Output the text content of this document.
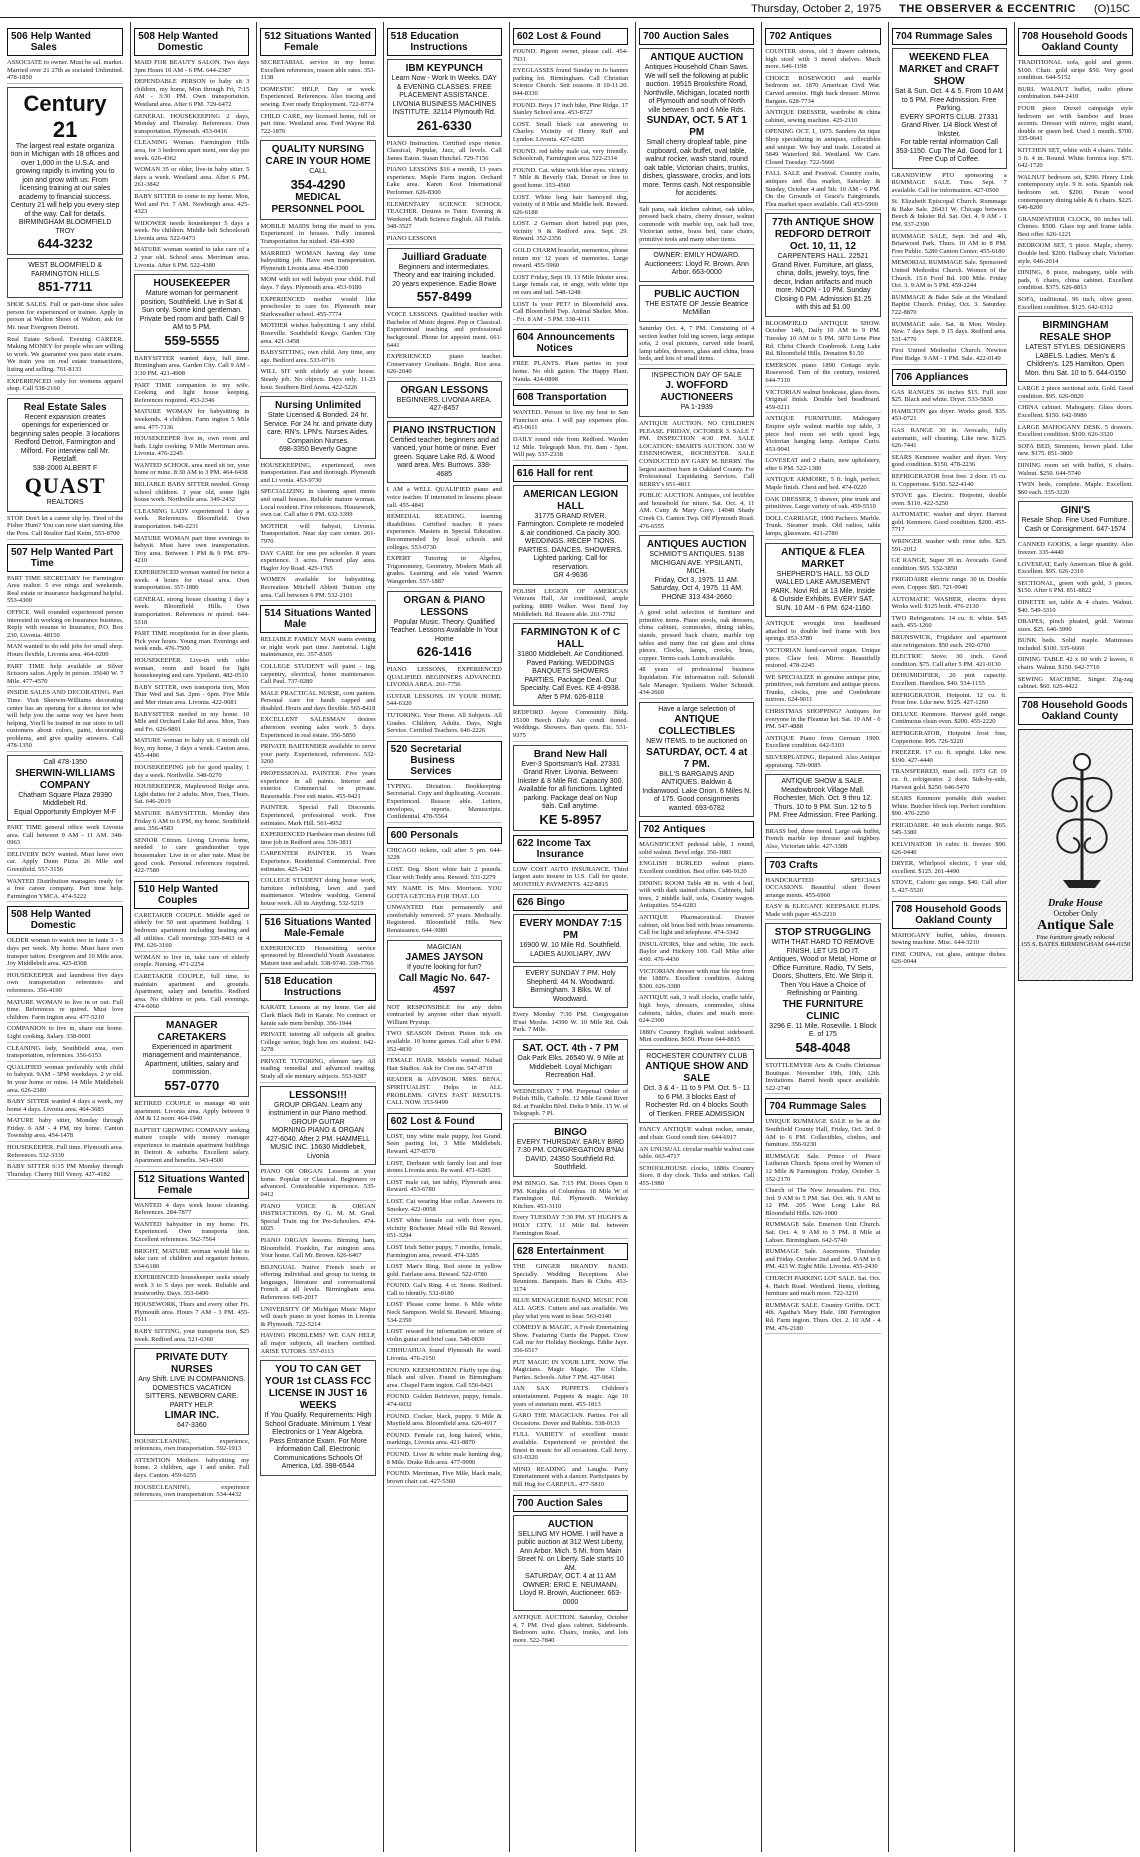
Thursday, October 2, 1975 THE OBSERVER & ECCENTRIC (O)15C
506 Help Wanted Sales
ASSOCIATE to owner. Must be sal. market. Married over 21 27th as sociated Unlimited. 478-1850
Century 21
The largest real estate organiza tion in Michigan with 18 offices and over 1,000 in the U.S.A. and growing rapidly is inviting you to join and grow with us. From licensing training at our sales academy to financial success. Century 21 will help you every step of the way. Call for details.
BIRMINGHAM BLOOMFIELD TROY
644-3232
WEST BLOOMFIELD & FARMINGTON HILLS
851-7711
SHOE SALES. Full or part-time shoe sales person for experienced or trainee. Apply in person at Walton Shoes of Walton, ask for Mr. near Evergreen Detroit.
Real Estate School. Evening CAREER. Making MONEY for people who are willing to work. We guarantee you pass state exam. We train you on real estate transactions, listing and selling. 761-8133
EXPERIENCED only for womens apparel shop. Call 538-2160
Real Estate Sales
Recent expansion creates openings for experienced or beginning sales people. 3 locations Redford Detroit, Farmington and Milford. For interview call Mr. Retzlaff.
538-2000 ALBERT F
QUAST
REALTORS
STOP. Don't let a career slip by. Tired of the Fisher Hunt? You can now start earning like the Pros. Call Realtor Earl Keim, 553-8700
507 Help Wanted Part Time
PART TIME SECRETARY for Farmington Area realtor. 5 eve nings and weekends. Real estate or insurance background helpful. 553-4300
OFFICE. Well rounded experienced person interested in working on Insurance business. Reply with resume to Insurance, P.O. Box 230, Livonia. 48150
MAN wanted to do odd jobs for small shop. Hours flexible, Livonia area. 464-0200
PART TIME help available at Silver Scissors salon. Apply in person. 35640 W. 7 Mile. 477-4570
INSIDE SALES AND DECORATING. Part Time. Visit Sherwin-Williams decorating center has an opening for a decora tor who will help you the same way we have been helping. You'll be trained in our store to tell customers about colors, paint, decorating problems, and give quality answers. Call 478-1350
Call 478-1350
SHERWIN-WILLIAMS COMPANY
Chatham Square Plaza 29390 Middlebelt Rd.
Equal Opportunity Employer M-F
PART TIME general office work Livonia area. Call between 9 AM - 11 AM. 348-0963
DELIVERY BOY wanted. Must have own car. Apply Dunn Pizza 26 Mile and Greenfield. 557-3156
WANTED Distribution managers ready for a free career company. Part time help. Farmington YMCA. 474-5222
508 Help Wanted Domestic
OLDER woman to watch two in fants 3 - 5 days per week. My home. Must have own transpor tation. Evergreen and 10 Mile area. Joy Middlebelt area. 425-8308
HOUSEKEEPER and laundress five days own transportation references and references. 356-4190
MATURE WOMAN to live in or out. Full time. References re quired. Must love children. Farm ington area. 477-5210
COMPANION to live in, share our home. Light cooking. Salary. 338-0001
CLEANING lady, Southfield area, own transportation, references. 356-6153
QUALIFIED woman preferably with child to babysit. 9AM - 3PM weekdays. 2 yr old. In your home or mine. 14 Mile Middlebelt area. 626-2380
BABY SITTER wanted 4 days a week, my home 4 days. Livonia area. 464-3683
MATURE baby sitter, Monday through Friday. 6 AM - 4 PM, my home. Canton Township area. 454-1478
HOUSEKEEPER. Full time. Plymouth area. References. 532-3339
BABY SITTER 6:15 PM Monday through Thursday. Cherry Hill Venoy. 427-4182
508 Help Wanted Domestic
MAID FOR BEAUTY SALON. Two days 3pm Hours 10 AM - 6 PM. 644-2387
DEPENDABLE PERSON to baby sit 3 children, my home, Mon through Fri, 7:15 AM - 3:30 PM. Own transportation. Westland area. After 6 PM. 729-6472
GENERAL HOUSEKEEPING 2 days, Monday and Thursday. References. Own transportation. Plymouth. 453-0416
CLEANING Woman. Farmington Hills area, for 3 bedroom apart ment, one day per week. 626-4362
WOMAN 35 or older, live-in baby sitter. 5 days a week. Westland area. After 6 PM. 261-3842
BABY SITTER to come to my home. Mon, Wed and Fri. 7 AM. Newburgh area. 425-4323
WIDOWER needs housekeeper 5 days a week. No children. Middle belt Schoolcraft Livonia area. 522-9473
MATURE woman wanted to take care of a 2 year old. School area. Merriman area. Livonia. After 6 PM. 522-4380
HOUSEKEEPER
Mature woman for permanent position, Southfield. Live in Sat & Sun only. Some kind gentleman. Private bed room and bath. Call 9 AM to 5 PM.
559-5555
BABYSITTER wanted days, full time. Birmingham area. Garden City. Call 9 AM - 3:30 PM. 421-4908
PART TIME companion to my wife. Cooking and light house keeping. References required. 453-2346
MATURE WOMAN for babysitting in weekends. 4 children. Farm ington 5 Mile area. 477-7136
HOUSEKEEPER live in, own room and bath. Light cooking. 9 Mile Merriman area. Livonia. 476-2245
WANTED SCHOOL area need sit ter, your home or mine. 8:30 AM to 3 PM. 464-6438
RELIABLE BABY SITTER needed. Group school children. 1 year old, some light house work. Northville area. 349-2432
CLEANING LADY experienced 1 day a week. References. Bloomfield. Own transportation. 646-2231
MATURE WOMAN part time evenings to babysit. Must have own transportation. Troy area. Between 1 PM & 9 PM. 879-4210
EXPERIENCED woman wanted for twice a week. 4 hours for visual area. Own transportation. 357-1880
GENERAL strong house cleaning 1 day a week. Bloomfield Hills. Own transportation. References re quired. 644-5318
PART TIME receptionist for in door plants. Pick your hours. Young man. Evenings and week ends. 476-7500
HOUSEKEEPER. Live-in with older woman, room and board for light housekeeping and care. Ypsilanti. 482-0510
BABY SITTER, own transporta tion, Mon Thur Wed and Sat. 2pm - 6pm. Five Mile and Mer riman area. Livonia. 422-9081
BABYSITTER needed in my home. 10 Mile and Orchard Lake Rd area. Mon, Tues and Fri. 626-9891
MATURE woman to baby sit. 6 month old boy, my home, 3 days a week. Canton area. 455-4486
HOUSEKEEPING job for good quality, 1 day a week. Northville. 348-0270
HOUSEKEEPER, Maplewood Ridge area. Light duties for 2 adults. Mon, Tues, Thurs. Sat. 646-2019
MATURE BABYSITTER. Monday thru Friday 6 AM to 6 PM, my home. Southfield area. 356-4583
SENIOR Citizen. Living Livonia home, needed to care grandmother type housemaker. Live in or alter nate. Must be good cook. Personal references required. 422-7580
510 Help Wanted Couples
CARETAKER COUPLE. Middle aged or elderly for 50 unit apartment building. 1 bedroom apartment including heating and all utilities. Call mornings 335-8463 or 4 PM. 626-3160
WOMAN to live in, take care of elderly couple. Nursing. 471-2254
CARETAKER COUPLE, full time, to maintain apartment and grounds. Apartment, salary and benefits. Redford area. No children or pets. Call evenings. 474-6060
MANAGER CARETAKERS
Experienced in apartment management and maintenance. Apartment, utilities, salary and commission.
557-0770
RETIRED COUPLE to manage 48 unit apartment. Livonia area. Apply between 9 AM & 12 noon. 464-1940
BAPTIST GROWING COMPANY seeking mature couple with money manager experience to maintain apartment buildings in Detroit & suburbs. Excellent salary. Apartment and benefits. 343-4500
512 Situations Wanted Female
WANTED 4 days week house cleaning. References. 284-7877
WANTED babysitter in my home. Fri. Experienced. Own transporta tion. Excellent references. 562-7564
BRIGHT, MATURE woman would like to take care of children and organize homes. 534-6180
EXPERIENCED housekeeper seeks steady work 3 to 5 days per week. Reliable and trustworthy. Days. 353-6490
HOUSEWORK, Thurs and every other Fri. Plymouth area. Hours 7 AM - 3 PM. 455-0311
BABY SITTING, your transporta tion, $25 week. Redford area. 521-6360
PRIVATE DUTY NURSES
Any Shift. LIVE IN COMPANIONS. DOMESTICS VACATION SITTERS. NEWBORN CARE. PARTY HELP.
LIMAR INC.
647-3360
HOUSECLEANING, experience, references, own transportation. 592-1913
ATTENTION Mothers. babysitting my home. 2 children, age 1 and under. Full days. Canton. 459-6255
HOUSECLEANING, experience references, own transportation. 534-4432
512 Situations Wanted Female
SECRETARIAL service in my home. Excellent references, reason able rates. 353-1138
DOMESTIC HELP. Day or week. Experienced. References. Also tracing and sewing. Ever ready Employment. 722-8774
CHILD CARE, my licensed home, full or part time. Westland area. Ford Wayne Rd. 722-1876
QUALITY NURSING CARE IN YOUR HOME
CALL
354-4290
MEDICAL PERSONNEL POOL
MOBILE MAIDS bring the maid to you. Experienced in houses. Fully insured. Transportation fur nished. 458-4300
MARRIED WOMAN having day time babysitting job. Have own transportation. Plymouth Livonia area. 464-3390
MOM with tot will babysit your child. Full days. 7 days. Plymouth area. 453-9180
EXPERIENCED mother would like preschooler to care for. Plymouth near Starkweather school. 455-7774
MOTHER wishes babysitting 1 any child. Roseville. Southfield Keego. Garden City area. 421-3458
BABYSITTING, own child. Any time, any age. Bedford area. 533-0716
WILL SIT with elderly at your house. Steady job. No objects. Days only. 11-23 hour. Southern Bird Arena. 422-5226
Nursing Unlimited
State Licensed & Bonded. 24 hr. Service. For 24 hr. and private duty care. RN's. LPN's. Nurses Aides. Companion Nurses.
698-3350 Beverly Gagne
HOUSEKEEPING, experienced, own transportation. Fast and thorough. Plymouth and Li vonia. 453-9730
SPECIALIZING in cleaning apart ments and small houses. Reliable mature woman. Local resident. Five references. Housework, own car. Call after 6 PM. 632-3399
MOTHER will babysit, Livonia. Transportation. Near day care center. 261-7970
DAY CARE for one pre schooler. 8 years experience. 3 acres. Fenced play area. Haglor Joy Road. 425-1765
WOMEN available for babysitting. Recreation Mitchell Abbott Tuition city area. Call between 6 PM. 532-2101
514 Situations Wanted Male
RELIABLE FAMILY MAN wants evening or night work part time. Janitorial. Light maintenance, etc. 357-8305
COLLEGE STUDENT will paint - ing, carpentry, electrical, home maintenance. Call Paul. 737-0280
MALE PRACTICAL NURSE, com panion. Personal care for handi capped and disabled. Hours and days flexible. 565-8418
EXCELLENT SALESMAN desires afternoon evening sales work 5 days. Experienced in real estate. 356-5850
PRIVATE BARTENDER available to serve your party. Experienced, references. 532-3260
PROFESSIONAL PAINTER. Five years experience in all paints. Interior and exterior. Commercial or private. Reasonable. Free esti mates. 455-9421
PAINTER. Special Fall Discounts. Experienced, professional work. Free estimates. Mark Hill. 561-4952
EXPERIENCED Hardware man desires full time job in Redford area. 536-3811
CARPENTER PAINTER. 15 Years Experience. Residential Commercial. Free estimates. 425-3421
COLLEGE STUDENT doing house work, furniture refinishing, lawn and yard maintenance. Window washing. General house work. All its Anything. 532-5219
516 Situations Wanted Male-Female
EXPERIENCED Housesitting service sponsored by Bloomfield Youth Assistance. Mature teen and adult. 338-9740. 338-7766
518 Education Instructions
KARATE Lessons at my home. Ger ald Clark Black Belt in Karate. No contract or karate sale mem bership. 356-1944
PRIVATE tutoring all subjects all grades. College senior, high hon ors student. 642-3278
PRIVATE TUTORING, elemen tary. All reading remedial and advanced reading. Study all ele mentary subjects. 553-9287
LESSONS!!!
GROUP ORGAN. Learn any instrument in our Piano method.
GROUP GUITAR
MORNING PIANO & ORGAN
427-6040. After 2 PM. HAMMELL MUSIC INC. 15630 Middlebelt, Livonia
PIANO OR ORGAN. Lessons at your home. Popular or Classical. Beginners or advanced. Considerable experience. 535-0412
PIANO VOICE & ORGAN INSTRUCTIONS. By G. M. M. Grad. Special Train ing for Pre-Schoolers. 474-6025
PIANO ORGAN lessons. Birming ham, Bloomfield. Franklin, Far mington area. Your home. Call Mr. Brown. 626-6467
BILINGUAL Native French teach er offering individual and group tu toring in languages, literature and conversational French at all levels. Birmingham area. References. 645-2017
UNIVERSITY OF Michigan Music Major will teach piano in your homes in Livonia & Plymouth. 722-5214
HAVING PROBLEMS? WE CAN HELP, all major subjects, all teachers certified. ARISE TUTORS. 557-0113
YOU TO CAN GET YOUR 1st CLASS FCC LICENSE IN JUST 16 WEEKS
If You Qualify. Requirements: High School Graduate. Minimum 1 Year Electronics or 1 Year Algebra. Pass Entrance Exam. For More Information Call. Electronic Communications Schools Of America, Ltd. 398-6544
518 Education Instructions
IBM KEYPUNCH
Learn Now - Work In Weeks. DAY & EVENING CLASSES. FREE PLACEMENT ASSISTANCE. LIVONIA BUSINESS MACHINES INSTITUTE. 32114 Plymouth Rd.
261-6330
PIANO Instruction. Certified expe rience. Classical, Popular, Jazz, all levels. Call James Eaton. Susan Hutchel. 729-7156
PIANO LESSONS $16 a month, 13 years experience. Maple Farm ington. Orchard Lake area. Karen Kost International Performer. 626-8300
ELEMENTARY SCIENCE SCHOOL TEACHER. Desires to Tutor. Evening & Weekend. Math Science English. All Fields. 348-3527
PIANO LESSONS
Juilliard Graduate
Beginners and intermediates. Theory and ear training included. 20 years experience. Eadie Bowe
557-8499
VOICE LESSONS. Qualified teacher with Bachelor of Music degree. Pop or Classical. Experienced teaching and professional background. Phone for appoint ment. 661-6441
EXPERIENCED piano teacher. Conservatory Graduate. Bright. Rice area. 626-2040
ORGAN LESSONS
BEGINNERS. LIVONIA AREA. 427-8457
PIANO INSTRUCTION
Certified teacher, beginners and ad vanced, your home or mine. Ever green. Square Lake Rd. & Wood ward area. Mrs. Burrows. 338-4685
I AM a WELL QUALIFIED piano and voice teacher. If interested in lessons please call. 455-4841
REMEDIAL READING. learning disabilities. Certified teacher. 8 years experience. Masters in Special Education. Recommended by local schools and colleges. 553-0730
EXPERT Tutoring in Algebra, Trigonometry, Geometry, Modern Math all grades. Learning and ele vated Warren Wangerden. 557-1887
ORGAN & PIANO LESSONS
Popular Music. Theory. Qualified Teacher. Lessons Available In Your Home
626-1416
PIANO LESSONS, EXPERIENCED QUALIFIED. BEGINNERS ADVANCED. LIVONIA AREA. 261-7756
GUITAR LESSONS. IN YOUR HOME. 544-6320
TUTORING. Your Home. All Subjects. All Grades. Children, Adults. Days, Night Service. Certified Teachers. 646-2226
520 Secretarial Business Services
TYPING. Dictation. Bookkeeping. Secretarial. Copy and duplicating. Accurate. Experienced. Reason able. Letters, envelopes, reports. Manuscripts. Confidential. 478-5564
600 Personals
CHICAGO tickets, call after 5 pm. 644-3228
LOST. Dog. Short white hair 2 pounds. Clear with Teddy area. Reward. 531-2279
MY NAME IS Mrs. Morrison. YOU GOTTA GETCHA FOR THAT. LO
UNWANTED Hair permanently and comfortably removed. 37 years. Medically. Registered. Bloomfield Hills. New Renaissance. 644-3080
MAGICIAN
JAMES JAYSON
If you're looking for fun?
Call Magic No. 647-4597
NOT RESPONSIBLE for any debts contracted by anyone other than myself. William Prystup.
TWO SEASON Detroit Piston tick ets available. 10 home games. Call after 6 PM. 352-4830
FEMALE HAIR. Models wanted. Nubad Hair Studios. Ask for Con nie. 547-8719
READER & ADVISOR. MRS. BENA. SPIRITUALIST. Helps in ALL PROBLEMS. GIVES FAST RESULTS. CALL NOW. 353-9499
602 Lost & Found
LOST, tiny white male puppy, lost Grand. Seen parting lot, 3 Mile Middlebelt. Reward. 427-8578
LOST, Derbutnt with family lost and four stones Livonia area. Re ward. 471-6285
LOST male cat, tan tabby, Plymouth area. Reward. 453-6780
LOST. Cat wearing blue collar. Answers to Smokey. 422-0058
LOST white female cat with fiver eyes, vicinity Rochester Mead ville Rd Reward. 651-3294
LOST Irish Setter puppy, 7 months, female, Farmington area, reward. 474-3285
LOST Man's Ring. Red stone in yellow gold. Fairlane area. Reward. 522-0780
FOUND. Gal's Ring. 4 ct. Stone. Redford. Call to identify. 532-8180
LOST Please come home. 6 Mile white Neck Sampson. Weild St. Reward. Missing. 534-2350
LOST reward for information or return of violin guitar and brief case. 548-0830
CHIHUAHUA found Plymouth Re ward. Livonia. 476-2150
FOUND. KEESHONDEN. Fluffy type dog. Black and silver. Found in Birmingham area. Chapel Farm ington. Call 556-0421
FOUND. Golden Retriever, puppy, female. 474-6032
FOUND. Cocker, black, puppy. 9 Mile & Mayfield area. Bloomfield area. 626-4917
FOUND. Female cat, long haired, white, markings, Livonia area. 421-8870
FOUND. Liver & white male hunting dog, 8 Mile. Drake Rds area. 477-9990
FOUND. Merriman, Five Mile, black male, brown chair cat. 427-5360
602 Lost & Found
FOUND. Pigeon owner, please call. 454-7931
EYEGLASSES found Sunday in Jo hannes parking lot. Birmingham. Call Christian Science Church. Sett reasons. 8 10-11:20. 844-8330
FOUND. Boys 17 inch bike, Pine Ridge. 17 Stanley School area. 453-8727
LOST. Small black cat answering to Charley. Vicinity of Henry Ruff and Lyndon. Livonia. 427-6285
FOUND. red tabby male cat, very friendly. Schoolcraft, Farmington area. 522-2314
FOUND. Cat. white with blue eyes. vicinity 7 Mile & Beverly Oak. Dorset or free to good home. 353-4560
LOST. White long hair Samoyed dog, vicinity of 8 Mile and Middle belt. Reward. 626-6188
LOST. 2 German short haired pup pies, vicinity 9 & Redford area. Sept. 29. Reward. 352-2356
GOLD CHARM bracelet, mementos, please return my 12 years of memories. Large reward. 455-5960
LOST Friday, Sept 19. 13 Mile Inkster area. Large female cat, or angy, with white tips on ears and tail. 548-1248
LOST Is your PET? in Bloomfield area. Call Bloomfield Twp. Animal Shelter. Mon. - Fri. 8 AM - 5 PM. 338-4111
604 Announcements Notices
FREE PLANTS. Plant parties in your home. No obli gation. The Happy Plant. Nanda. 424-0898
608 Transportation
WANTED. Person to live my host to San Francisco area. I will pay expenses plus. 453-0611
DAILY round ride from Redford. Warden 12 Mile. Telegraph Mon. Fri. 8am - 5pm. Will pay. 537-2338
616 Hall for rent
AMERICAN LEGION HALL
31775 GRAND RIVER. Farmington. Complete re modeled & air conditioned. Ca pacity 300. WEDDINGS. RECEP TIONS. PARTIES. DANCES. SHOWERS. Lighted parking. Call for reservation.
GR 4-9636
POLISH LEGION OF AMERICAN Veterans Hall, Air conditioned, ample parking. 8880 Walker. West Bend Joy Middlebelt. Rd. Reason able. 261-7782
FARMINGTON K of C HALL
31800 Middlebelt. Air Conditioned. Paved Parking. WEDDINGS BANQUETS SHOWERS PARTIES. Package Deal. Our Specialty. Call Eves. KE 4-8938. After 5 PM. 626-8118
REDFORD Jaycee Community Bldg. 15100 Beech Daly. Air condi tioned. Weddings. Showers. Ban quets. Etc. 531-9375
Brand New Hall
Ever-3 Sportsman's Hall. 27331 Grand River. Livonia. Between Inkster & 8 Mile Rd. Capacity 300. Available for all functions. Lighted parking. Package deal on Nup tials. Call anytime.
KE 5-8957
622 Income Tax Insurance
LOW COST AUTO INSURANCE. Third largest auto insurer in U.S. Call for quote. MONTHLY PAYMENTS. 422-8815
626 Bingo
EVERY MONDAY 7:15 PM
16900 W. 10 Mile Rd. Southfield. LADIES AUXILIARY, JWV
EVERY SUNDAY 7 PM. Holy Shepherd. 44 N. Woodward. Birmingham. 3 Blks. W. of Woodward.
Every Monday 7:30 PM. Congregation B'nai Moshe. 14390 W. 10 Mile Rd. Oak Park. 7 Mile.
SAT. OCT. 4th - 7 PM
Oak Park Elks. 26540 W. 9 Mile at Middlebelt. Loyal Michigan Recreation Hall.
WEDNESDAY 7 PM. Perpetual Order of Polish Hills, Catholic. 12 Mile Grand River Rd. at Franklin Blvd. Delta 9 Mile. 15 W. of Telegraph. 7 Pl.
BINGO
EVERY THURSDAY. EARLY BIRD 7:30 PM. CONGREGATION B'NAI DAVID. 24350 Southfield Rd. Southfield.
PM BINGO. Sat. 7:15 PM. Doors Open 6 PM. Knights of Columbus. 18 Mile W of Farmington Rd. Plymouth. Workday Kitchen. 453-3110
Every TUESDAY 7:30 PM. ST HUGH'S & HOLY CITY. 11 Mile Rd. between Farmington Road.
628 Entertainment
THE GINGER BRANDY BAND. Specially. Wedding Receptions Also Reunions. Banquets. Bars & Clubs. 453-3174
BLUE MENAGERIE BAND. MUSIC FOR ALL AGES. Cutters and sax available. We play what you want to hear. 563-0140
COMEDY & MAGIC. A Fresh Entertaining Show. Featuring Curtis the Puppet. Crow Call me for Holiday Bookings. Eddie Jaye. 356-6517
PUT MAGIC IN YOUR LIFE. NOW. The Magicians. Magic Magic. The Clubs. Parties. Schools. After 7 PM. 427-9641
JAN SAX PUPPETS. Children's entertainment. Puppets & magic. Age 10 years of entertain ment. 455-1813
GARO THE MAGICIAN. Parties. For all Occasions. Dover and Rabbits. 538-0133
FULL VARIETY of excellent music available. Experienced or provided the finest in music for all occasions. Call Jerry. 631-0320
MIND READING and Laughs. Party Entertainment with a dancer. Participates by Bill Hug for CAREFUL. 477-5810
700 Auction Sales
AUCTION
SELLING MY HOME. I will have a public auction at 312 West Liberty, Ann Arbor. Mich. 5 Mi. from Main Street N. on Liberty. Sale starts 10 AM.
SATURDAY, OCT. 4 at 11 AM
OWNER: ERIC E. NEUMANN. Lloyd R. Brown, Auctioneer. 663-0000
ANTIQUE AUCTION. Saturday, October 4, 7 PM. Oval glass cabinet. Sideboards. Bedroom suite. Chairs, trunks, and lots more. 522-7840
700 Auction Sales
ANTIQUE AUCTION
Antiques Household Chain Saws. We will sell the following at public auction. 19515 Brookshire Road, Northville, Michigan, located north of Plymouth and south of North ville between 5 and 6 Mile Rds.
SUNDAY, OCT. 5 AT 1 PM
Small cherry dropleaf table, pine cupboard, oak buffet, oval table, walnut rocker, wash stand, round oak table, Victorian chairs, trunks, dishes, glassware, crocks, and lots more. Terms cash. Not responsible for accidents.
Salt pans, oak kitchen cabinet, oak tables, pressed back chairs, cherry dresser, walnut commode with marble top, oak hall tree, Victorian settee, brass bed, cane chairs, primitive tools and many other items.
OWNER: EMILY HOWARD. Auctioneers: Lloyd R. Brown, Ann Arbor. 663-0000
PUBLIC AUCTION
THE ESTATE OF Jessie Beatrice McMillan
Saturday Oct. 4, 7 PM. Consisting of 4 section leather fold ing screen, large antique sofa, 2 oval pictures, carved side board, lamp tables, dressers, glass and china, brass beds, and lots of small items.
INSPECTION DAY OF SALE
J. WOFFORD AUCTIONEERS
PA 1-1939
ANTIQUE AUCTION. NO CHILDREN PLEASE. FRIDAY, OCTOBER 3. SALE 7 PM. INSPECTION 4:30 PM. SALE LOCATION: SMARTS AUCTION. 330 W EISENHOWER, ROCHESTER. SALE CONDUCTED BY GARY M. BERRY. The largest auction barn in Oakland County. For Professional Liquidating Services. Call BERRY's 651-4811
PUBLIC AUCTION. Antiques, col lectibles and household fur niture. Sat. Oct. 4, 11 AM. Cutty & Mary Grey. 14048 Shady Creek Ct. Canton Twp. Off Plymouth Road. 476-6555
ANTIQUES AUCTION
SCHMIDT'S ANTIQUES. 5138 MICHIGAN AVE. YPSILANTI, MICH.
Friday, Oct 3, 1975. 11 AM. Saturday, Oct 4, 1975. 11 AM.
PHONE 313 434-2660
A good solid selection of furniture and primitive items. Piano stools, oak dressers, china cabinet, commodes, dining tables, stands, pressed back chairs, marble top tables and many fine cut glass and china pieces. Clocks, lamps, crocks, brass, copper. Terms cash. Lunch available.
48 years of professional business liquidation. For information call. Schmidt Sale Manager. Ypsilanti. Walter Schmidt. 434-2660
Have a large selection of
ANTIQUE COLLECTIBLES
NEW ITEMS. to be auctioned on
SATURDAY, OCT. 4 at 7 PM.
BILL'S BARGAINS AND ANTIQUES. Baldwin & Indianwood. Lake Orion. 6 Miles N. of 175. Good consignments wanted. 693-6782
702 Antiques
MAGNIFICENT pedestal table, 1 round, solid walnut. Bevel edge. 356-1881
ENGLISH BURLED walnut piano. Excellent condition. Best offer. 646-9120
DINING ROOM Table 48 in. with 4 leaf, with with dark stained chairs. Cabinets, hall trees, 2 middle half, sofa, Country wagon. Antiquities. 554-6283
ANTIQUE Pharmaceutical. Drawer cabinet, old brass bed with brass ornaments. Call for light and telephone. 474-3342
INSULATORS, blue and white, 10c each. Baylor and Hickory 100. Call Mike after 4:00. 476-4430
VICTORIAN dresser with mar ble top from the 1880's. Excellent condition. Asking $300. 626-3380
ANTIQUE oak, 3 wall clocks, cradle table, high boys, dressers, commodes, china cabinets, tables, chairs and much more. 624-2300
1880's Country English walnut sideboard. Mint condition. $650. Phone 644-8815
ROCHESTER COUNTRY CLUB
ANTIQUE SHOW AND SALE
Oct. 3 & 4 - 11 to 9 PM. Oct. 5 - 11 to 6 PM. 3 blocks East of Rochester Rd. on 4 blocks South of Tienken. FREE ADMISSION
FANCY ANTIQUE walnut rocker, ornate, and chair. Good condi tion. 644-6917
AN UNUSUAL circular marble walnut case table. 663-4717
SCHOOLHOUSE clocks, 1880s Country Store. 8 day clock. Ticks and strikes. Call 455-1980
702 Antiques
COUNTER stores, old 3 drawer cabinets, high stool with 3 tiered shelves. Much more. 646-1198
CHOICE ROSEWOOD and marble bedroom set. 1870 American Civil War. Carved armoire. High back dresser. Mirror. Bargain. 628-7734
ANTIQUE DRESSER, wardrobe & china cabinet, sewing machine. 425-2110
OPENING OCT. 1, 1975. Sanders An tique Shop specializing in antiques, collectibles and unique. We buy and trade. Located at 5849 Waterford Rd. Westland. We Care. Closed Tuesday. 722-5660
FALL SALE and Festival. Country crafts, antiques and flea market, Saturday & Sunday, October 4 and 5th. 10 AM - 6 PM. On the Grounds of Grace's Fairgrounds. Flea market space available. Call 453-5960
77th ANTIQUE SHOW REDFORD DETROIT
Oct. 10, 11, 12
CARPENTERS HALL. 22521 Grand River. Furniture, art glass, china, dolls, jewelry, toys, fine decor, Indian artifacts and much more. NOON - 10 PM. Sunday Closing 6 PM. Admission $1.25 with this ad $1.00
BLOOMFIELD ANTIQUE SHOW. October 14th, Daily 10 AM to 9 PM. Tuesday 10 AM to 5 PM. 3870 Lone Pine Rd. Christ Church Cranbrook. Long Lake Rd. Bloomfield Hills. Donation $1.50
EMERSON piano 1890 Cottage style. Rosewood. Turn of the century, restored. 644-7110
VICTORIAN walnut bookcase, glass doors. Original finish. Double bed headboard. 459-0211
ANTIQUE FURNITURE. Mahogany Empire style walnut marble top table, 3 piece bed room set with spool legs, Victorian hanging lamp. Antique Curio. 453-9041
LOVESEAT and 2 chairs, new upholstery, after 6 PM. 522-1380
ANTIQUE ARMOIRE, 5 ft. high, perfect. Maple finish. Chest and bed. 474-0220
OAK DRESSER, 5 drawer, pine trunk and primitives. Large variety of oak. 459-5510
DOLL CARRIAGE, 1900 Pacheco. Marble. Trunk. Steamer trunk. Old radios, table lamps, glassware. 421-2780
ANTIQUE & FLEA MARKET
SHEPHERD'S HALL. 53 OLD WALLED LAKE AMUSEMENT PARK. Novi Rd. at 13 Mile. Inside & Outside Exhibits. EVERY SAT. SUN. 10 AM - 6 PM. 624-1160
ANTIQUE wrought iron headboard attached to double bed frame with box springs. 853-3780
VICTORIAN hand-carved organ. Unique piece. Claw feet. Mirror. Beautifully restored. 478-2245
WE SPECIALIZE in genuine antique pine, primitives, oak furniture and antique pieces. Trunks, clocks, pine and Confederate mirrors. 624-9011
CHRISTMAS SHOPPING? Antiques for everyone in the Fleamar ket. Sat. 10 AM - 6 PM. 547-4888
ANTIQUE Piano from German 1900. Excellent condition. 642-5103
SILVERPLATING, Repaired. Also Antique appraising. 729-9085
ANTIQUE SHOW & SALE. Meadowbrook Village Mall. Rochester, Mich. Oct. 9 thru 12. Thurs. 10 to 9 PM. Sun. 12 to 5 PM. Free Admission. Free Parking.
BRASS bed, three tiered. Large oak buffet, French marble top dresser and highboy. Also, Victorian table. 427-3388
703 Crafts
HANDCRAFTED SPECIALS OCCASIONS. Beautiful silent flower arrange ments. 455-6960
EASY & ELEGANT. KEEPSAKE FLIPS. Made with paper 463-2210
STOP STRUGGLING
WITH THAT HARD TO REMOVE FINISH. LET US DO IT.
Antiques, Wood or Metal, Home or Office Furniture. Radio, TV Sets, Doors, Shutters, Etc. We Strip it. Then You Have a Choice of Refinishing or Painting.
THE FURNITURE CLINIC
3296 E. 11 Mile. Roseville. 1 Block E. of 175
548-4048
STOTTLEMYER Arts & Crafts Christmas Boutique. November 19th, 10th, 12th. Invitations. Barrel booth space available. 522-2740
704 Rummage Sales
UNIQUE RUMMAGE SALE to be at the Southfield County Hall, Friday, Oct. 3rd. 9 AM to 6 PM. Collectibles, clothes, and furniture. 356-9230
RUMMAGE Sale. Prince of Peace Lutheran Church. Spons ored by Women of 12 Mile & Farmington. Friday, October 3. 352-2170
Church of The New Jerusalem. Fri. Oct. 3rd. 9 AM to 5 PM. Sat. Oct. 4th. 9 AM to 12 PM. 205 West Long Lake Rd. Bloomfield Hills. 626-1000
RUMMAGE Sale. Emerson Unit Church. Sat. Oct. 4. 9 AM to 3 PM. 8 Mile at Lahser. Birmingham. 642-5740
RUMMAGE Sale. Ascension. Thursday and Friday. October 2nd and 3rd. 9 AM to 6 PM. 423 W. Eight Mile. Livonia. 455-2430
CHURCH PARKING LOT SALE. Sat. Oct. 4. Hatch Road. Westland. Items, clothing, furniture and much more. 722-3210
RUMMAGE SALE. Country Griffin. OCT. 4th. Agatha's Mary Hale. 180 Farmington Rd. Farm ington. Thurs. Oct. 2. 10 AM - 4 PM. 476-2180
704 Rummage Sales
WEEKEND FLEA MARKET and CRAFT SHOW
Sat & Sun. Oct. 4 & 5. From 10 AM to 5 PM. Free Admission. Free Parking.
EVERY SPORTS CLUB. 27331 Grand River. 1/4 Block West of Inkster.
For table rental information Call 353-1150. Cup The Ad. Good for 1 Free Cup of Coffee.
GRANDVIEW PTO sponsoring a RUMMAGE SALE. Tues. Sept. 7 available. Call for information. 427-0500
St. Elizabeth Episcopal Church. Rummage & Bake Sale. 26431 W. Chicago between Beech & Inkster Rd. Sat. Oct. 4. 9 AM - 1 PM. 937-2390
RUMMAGE SALE, Sept. 3rd and 4th, Briarwood Park. Thurs. 10 AM to 8 PM. Free Public. 5280 Canton Center. 455-6180
MEMORIAL RUMMAGE Sale. Sponsored United Methodist Church. Women of the Church. 15.6 Ford Rd. 100 Mile. Friday Oct. 3. 9 AM to 5 PM. 459-2244
RUMMAGE & Bake Sale at the Westland Baptist Church. Friday, Oct. 3. Saturday. 722-8870
RUMMAGE sale. Sat. & Mon. Wesley. New. 7 days Sept. 9 15 days. Redford area. 531-4770
First United Methodist Church. Newton Pine Ridge. 9 AM - 1 PM. Sale. 422-0149
706 Appliances
GAS RANGES 36 inches $15. Full size $25. Black and white. Dryer. 533-5830
HAMILTON gas dryer. Works good. $35. 453-0721
GAS RANGE 30 in. Avocado, fully automatic, self cleaning. Like new. $125. 626-7441
SEARS Kenmore washer and dryer. Very good condition. $150. 478-2236
REFRIGERATOR frost free. 2 door. 15 cu. ft. Coppertone. $150. 522-4140
STOVE gas. Electric. Hotpoint, double oven. $110. 422-5250
AUTOMATIC washer and dryer. Harvest gold. Kenmore. Good condition. $200. 455-7717
WRINGER washer with rinse tubs. $25. 591-2012
GE RANGE, Super 30 in. Avocado. Good condition. $95. 532-3850
FRIGIDAIRE electric range. 30 in. Double oven. Copper. $85. 721-9940
AUTOMATIC WASHER, electric dryer. Works well. $125 both. 476-2130
TWO Refrigerators. 14 cu. ft. white. $45 each. 455-1260
BRUNSWICK, Frigidaire and apartment size refrigerators. $50 each. 292-6760
ELECTRIC Stove. 30 inch. Good condition. $75. Call after 5 PM. 421-0130
DEHUMIDIFIER, 20 pint capacity. Excellent. Hamilton. $40. 534-1155
REFRIGERATOR. Hotpoint. 12 cu. ft. Frost free. Like new. $125. 427-1260
DELUXE Kenmore. Harvest gold range. Continuous clean oven. $200. 455-2220
REFRIGERATOR, Hotpoint frost free, Coppertone. $95. 726-5220
FREEZER. 17 cu. ft. upright. Like new. $190. 427-4440
TRANSFERRED, must sell. 1973 GE 19 cu. ft. refrigerator. 2 door. Side-by-side, Harvest gold. $250. 646-5470
SEARS Kenmore portable dish washer. White. Butcher block top. Perfect condition. $90. 476-2250
FRIGIDAIRE. 40 inch electric range. $65. 545-3380
KELVINATOR 16 cubic ft. freezer. $90. 626-0440
DRYER, Whirlpool electric, 1 year old, excellent. $125. 261-4490
STOVE, Caloric gas range. $40. Call after 5. 427-5520
708 Household Goods Oakland County
MAHOGANY buffet, tables, dressers. Sewing machine. Misc. 644-3210
FINE CHINA, cut glass, antique dishes. 626-0044
708 Household Goods Oakland County
TRADITIONAL sofa, gold and green. $100. Chair. gold stripe $50. Very good condition. 644-5152
BURL WALNUT buffet, radio phone combination. 644-2410
FOUR piece Drexel campaign style bedroom set with bamboo and brass accents. Dresser with mirror, night stand, double or queen bed. Used 1 month. $700. 335-0641
KITCHEN SET, white with 4 chairs. Table. 3 ft. 4 in. Round. White formica top. $75. 642-1720
WALNUT bedroom set, $290. Henry Link contemporary style. 9 ft. sofa. Spanish oak bedroom set. $200. Pecan wood contemporary dining table & 6 chairs. $225. 646-8200
GRANDFATHER CLOCK, 90 inches tall. Chimes. $500. Glass top and frame table. Best offer. 626-1221
BEDROOM SET, 5 piece. Maple, cherry. Double bed. $200. Hallway chair. Victorian style. 646-2014
DINING, 8 piece, mahogany, table with pads, 6 chairs, china cabinet. Excellent condition. $375. 626-8813
SOFA, traditional. 96 inch, olive green. Excellent condition. $125. 642-6312
BIRMINGHAM RESALE SHOP
LATEST STYLES. DESIGNERS LABELS. Ladies. Men's & Children's. 125 Hamilton. Open Mon. thru Sat. 10 to 5. 644-0150
LARGE 2 piece sectional sofa. Gold. Good condition. $95. 626-0820
CHINA cabinet. Mahogany. Glass doors. Excellent. $150. 642-9980
LARGE MAHOGANY DESK. 5 drawers. Excellent condition. $100. 626-3320
SOFA BED, Simmons, brown plaid. Like new. $175. 851-3800
DINING room set with buffet, 6 chairs. Walnut. $250. 644-5740
TWIN beds, complete. Maple. Excellent. $60 each. 335-3220
GINI'S
Resale Shop. Fine Used Furniture. Cash or Consignment. 647-1574
CANNED GOODS, a large quantity. Also freezer. 335-4440
LOVESEAT, Early American. Blue & gold. Excellent. $95. 626-2310
SECTIONAL, green with gold, 3 pieces. $150. After 6 PM. 851-8822
DINETTE set, table & 4 chairs. Walnut. $40. 549-3310
DRAPES, pinch pleated, gold. Various sizes. $25. 646-3990
BUNK beds. Solid maple. Mattresses included. $100. 335-6660
DINING TABLE 42 x 60 with 2 leaves, 6 chairs. Walnut. $150. 642-7710
SEWING MACHINE. Singer. Zig-zag cabinet. $60. 626-4422
708 Household Goods Oakland County
Drake House
October Only
Antique Sale
Fine furniture greatly reduced
155 S. BATES BIRMINGHAM 644-0150
